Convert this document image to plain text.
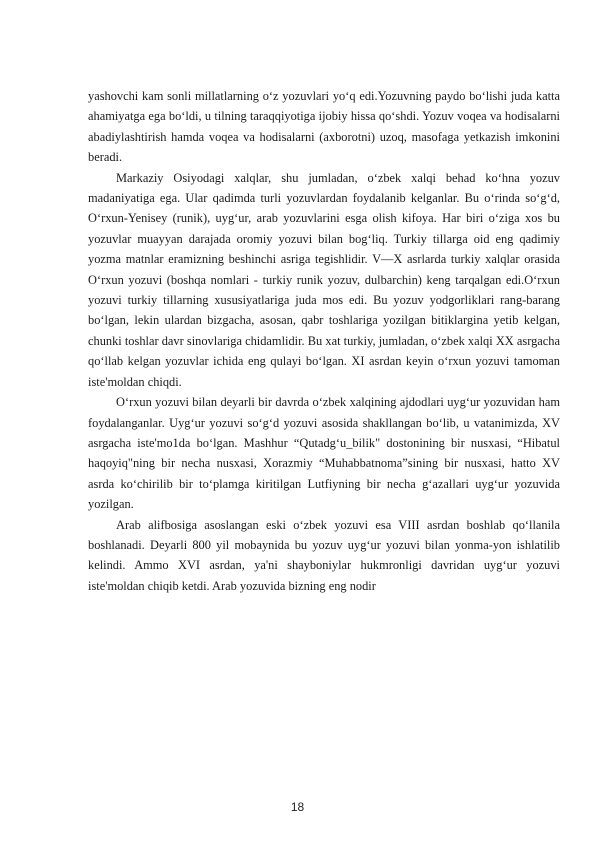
yashovchi kam sonli millatlarning o‘z yozuvlari yo‘q edi.Yozuvning paydo bo‘lishi juda katta ahamiyatga ega bo‘ldi, u tilning taraqqiyotiga ijobiy hissa qo‘shdi. Yozuv voqea va hodisalarni abadiylashtirish hamda voqea va hodisalarni (axborotni) uzoq, masofaga yetkazish imkonini beradi.

Markaziy Osiyodagi xalqlar, shu jumladan, o‘zbek xalqi behad ko‘hna yozuv madaniyatiga ega. Ular qadimda turli yozuvlardan foydalanib kelganlar. Bu o‘rinda so‘g‘d, O‘rxun-Yenisey (runik), uyg‘ur, arab yozuvlarini esga olish kifoya. Har biri o‘ziga xos bu yozuvlar muayyan darajada oromiy yozuvi bilan bog‘liq. Turkiy tillarga oid eng qadimiy yozma matnlar eramizning beshinchi asriga tegishlidir. V—X asrlarda turkiy xalqlar orasida O‘rxun yozuvi (boshqa nomlari - turkiy runik yozuv, dulbarchin) keng tarqalgan edi.O‘rxun yozuvi turkiy tillarning xususiyatlariga juda mos edi. Bu yozuv yodgorliklari rang-barang bo‘lgan, lekin ulardan bizgacha, asosan, qabr toshlariga yozilgan bitiklargina yetib kelgan, chunki toshlar davr sinovlariga chidamlidir. Bu xat turkiy, jumladan, o‘zbek xalqi XX asrgacha qo‘llab kelgan yozuvlar ichida eng qulayi bo‘lgan. XI asrdan keyin o‘rxun yozuvi tamoman iste'moldan chiqdi.

O‘rxun yozuvi bilan deyarli bir davrda o‘zbek xalqining ajdodlari uyg‘ur yozuvidan ham foydalanganlar. Uyg‘ur yozuvi so‘g‘d yozuvi asosida shakllangan bo‘lib, u vatanimizda, XV asrgacha iste'mo1da bo‘lgan. Mashhur “Qutadg‘u_bilik" dostonining bir nusxasi, “Hibatul haqoyiq"ning bir necha nusxasi, Xorazmiy “Muhabbatnoma”sining bir nusxasi, hatto XV asrda ko‘chirilib bir to‘plamga kiritilgan Lutfiyning bir necha g‘azallari uyg‘ur yozuvida yozilgan.

Arab alifbosiga asoslangan eski o‘zbek yozuvi esa VIII asrdan boshlab qo‘llanila boshlanadi. Deyarli 800 yil mobaynida bu yozuv uyg‘ur yozuvi bilan yonma-yon ishlatilib kelindi. Ammo XVI asrdan, ya'ni shayboniylar hukmronligi davridan uyg‘ur yozuvi iste'moldan chiqib ketdi. Arab yozuvida bizning eng nodir

18
